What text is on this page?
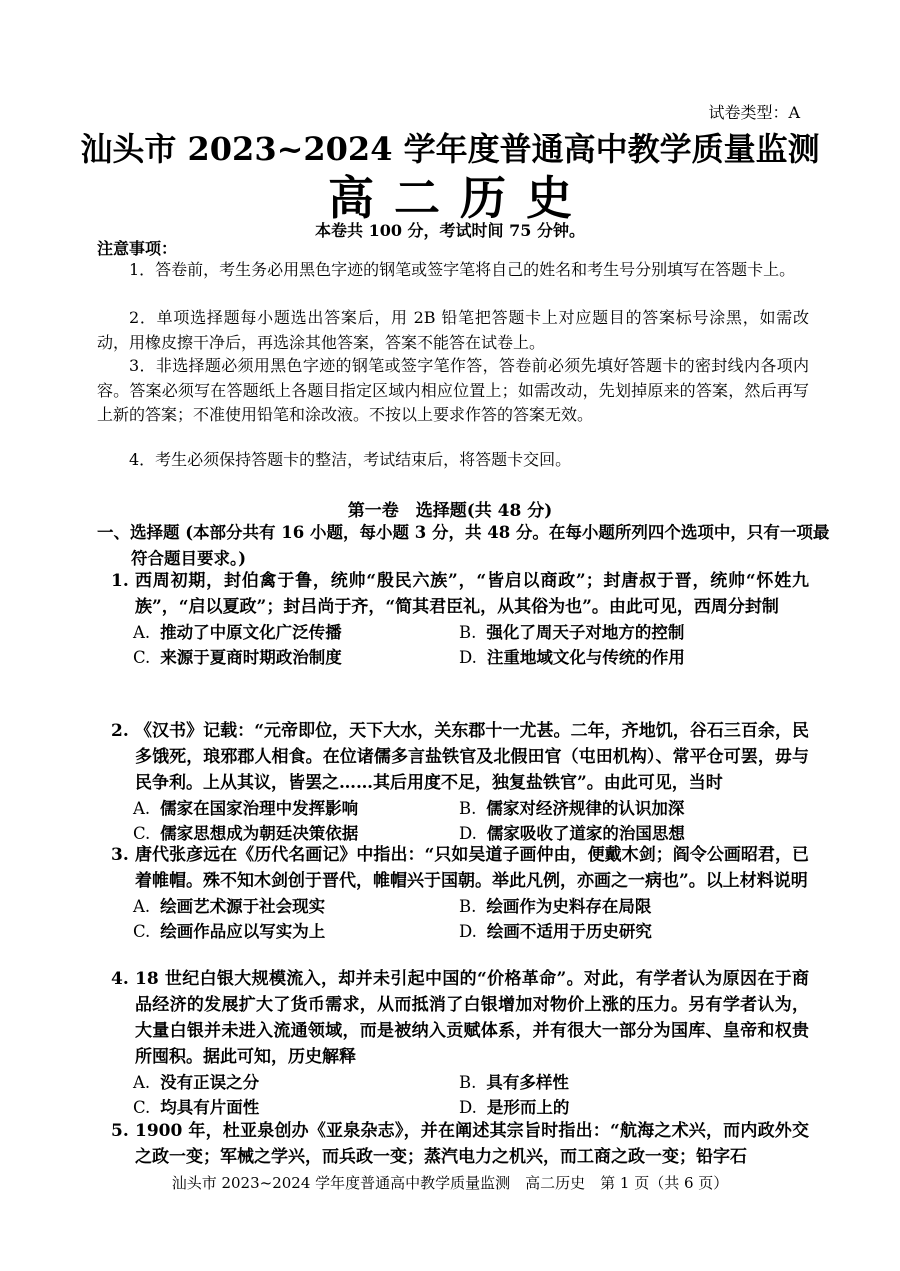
试卷类型：A
汕头市 2023~2024 学年度普通高中教学质量监测
高二历史
本卷共 100 分，考试时间 75 分钟。
注意事项：
1．答卷前，考生务必用黑色字迹的钢笔或签字笔将自己的姓名和考生号分别填写在答题卡上。
2．单项选择题每小题选出答案后，用 2B 铅笔把答题卡上对应题目的答案标号涂黑，如需改动，用橡皮擦干净后，再选涂其他答案，答案不能答在试卷上。
3．非选择题必须用黑色字迹的钢笔或签字笔作答，答卷前必须先填好答题卡的密封线内各项内容。答案必须写在答题纸上各题目指定区域内相应位置上；如需改动，先划掉原来的答案，然后再写上新的答案；不准使用铅笔和涂改液。不按以上要求作答的答案无效。
4．考生必须保持答题卡的整洁，考试结束后，将答题卡交回。
第一卷　选择题(共 48 分)
一、选择题 (本部分共有 16 小题，每小题 3 分，共 48 分。在每小题所列四个选项中，只有一项最符合题目要求。)
1. 西周初期，封伯禽于鲁，统帅“殷民六族”，“皆启以商政”；封唐叔于晋，统帅“怀姓九族”，“启以夏政”；封吕尚于齐，“简其君臣礼，从其俗为也”。由此可见，西周分封制
A. 推动了中原文化广泛传播	B. 强化了周天子对地方的控制
C. 来源于夏商时期政治制度	D. 注重地域文化与传统的作用
2. 《汉书》记载：“元帝即位，天下大水，关东郡十一尤甚。二年，齐地饥，谷石三百余，民多饿死，琅邪郡人相食。在位诸儒多言盐铁官及北假田官（屯田机构）、常平仓可罢，毋与民争利。上从其议，皆罢之……其后用度不足，独复盐铁官”。由此可见，当时
A. 儒家在国家治理中发挥影响	B. 儒家对经济规律的认识加深
C. 儒家思想成为朝廷决策依据	D. 儒家吸收了道家的治国思想
3. 唐代张彦远在《历代名画记》中指出：“只如吴道子画仲由，便戴木剑；阎令公画昭君，已着帷帽。殊不知木剑创于晋代，帷帽兴于国朝。举此凡例，亦画之一病也”。以上材料说明
A. 绘画艺术源于社会现实	B. 绘画作为史料存在局限
C. 绘画作品应以写实为上	D. 绘画不适用于历史研究
4. 18 世纪白银大规模流入，却并未引起中国的“价格革命”。对此，有学者认为原因在于商品经济的发展扩大了货币需求，从而抵消了白银增加对物价上涨的压力。另有学者认为，大量白银并未进入流通领域，而是被纳入贡赋体系，并有很大一部分为国库、皇帝和权贵所囤积。据此可知，历史解释
A. 没有正误之分	B. 具有多样性
C. 均具有片面性	D. 是形而上的
5. 1900 年，杜亚泉创办《亚泉杂志》，并在阐述其宗旨时指出：“航海之术兴，而内政外交之政一变；军械之学兴，而兵政一变；蒸汽电力之机兴，而工商之政一变；铅字石
汕头市 2023~2024 学年度普通高中教学质量监测　高二历史　第 1 页（共 6 页）
